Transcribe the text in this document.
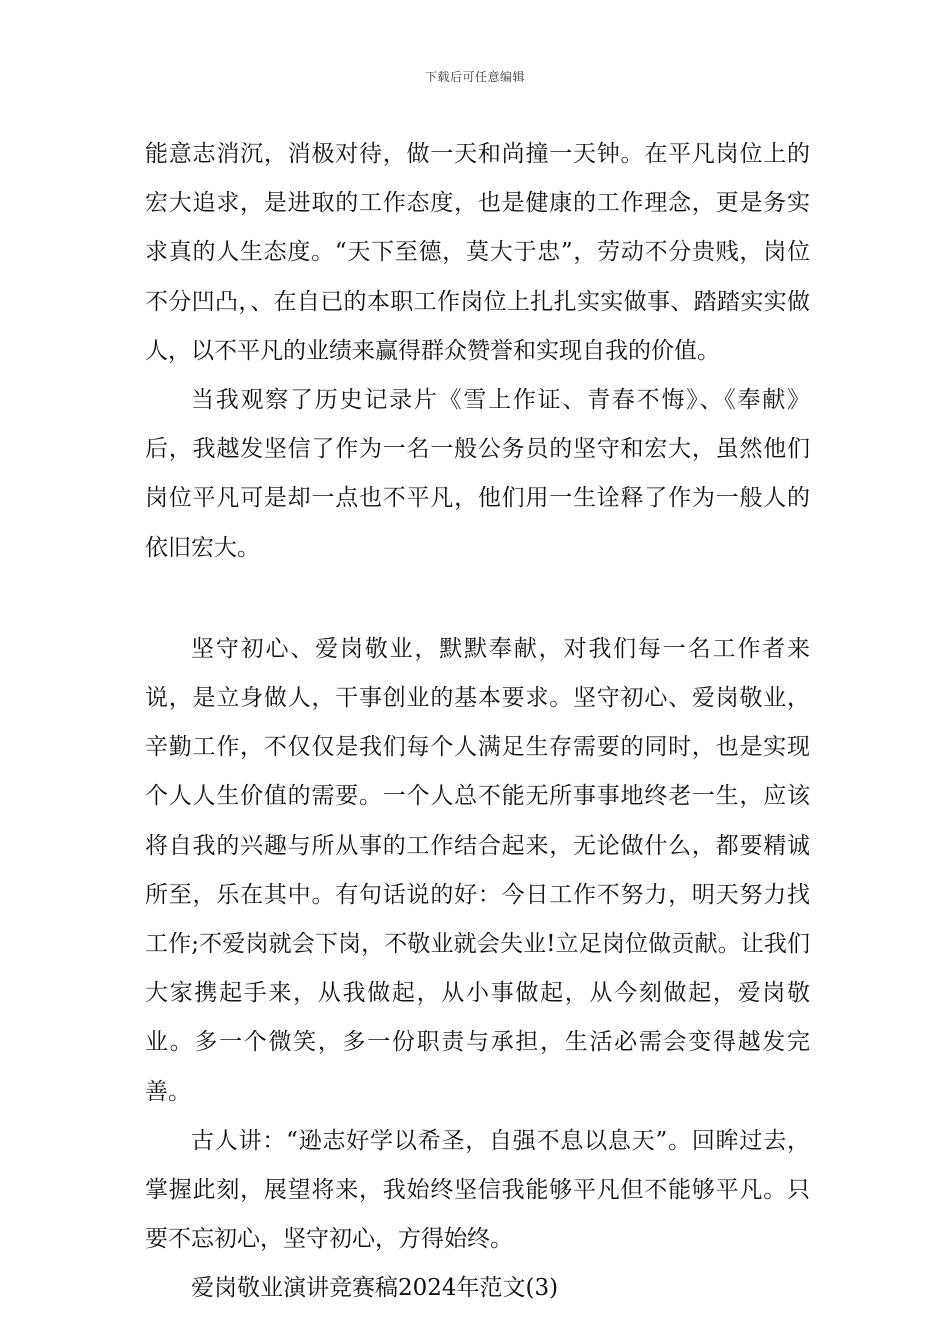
下载后可任意编辑

能意志消沉，消极对待，做一天和尚撞一天钟。在平凡岗位上的宏大追求，是进取的工作态度，也是健康的工作理念，更是务实求真的人生态度。“天下至德，莫大于忠”，劳动不分贵贱，岗位不分凹凸，、在自已的本职工作岗位上扎扎实实做事、踏踏实实做人，以不平凡的业绩来赢得群众赞誉和实现自我的价值。

当我观察了历史记录片《雪上作证、青春不悔》、《奉献》后，我越发坚信了作为一名一般公务员的坚守和宏大，虽然他们岗位平凡可是却一点也不平凡，他们用一生诠释了作为一般人的依旧宏大。

坚守初心、爱岗敬业，默默奉献，对我们每一名工作者来说，是立身做人，干事创业的基本要求。坚守初心、爱岗敬业，辛勤工作，不仅仅是我们每个人满足生存需要的同时，也是实现个人人生价值的需要。一个人总不能无所事事地终老一生，应该将自我的兴趣与所从事的工作结合起来，无论做什么，都要精诚所至，乐在其中。有句话说的好：今日工作不努力，明天努力找工作;不爱岗就会下岗，不敬业就会失业!立足岗位做贡献。让我们大家携起手来，从我做起，从小事做起，从今刻做起，爱岗敬业。多一个微笑，多一份职责与承担，生活必需会变得越发完善。

古人讲：“逊志好学以希圣，自强不息以息天”。回眸过去，掌握此刻，展望将来，我始终坚信我能够平凡但不能够平凡。只要不忘初心，坚守初心，方得始终。

爱岗敬业演讲竞赛稿2024年范文(3)
